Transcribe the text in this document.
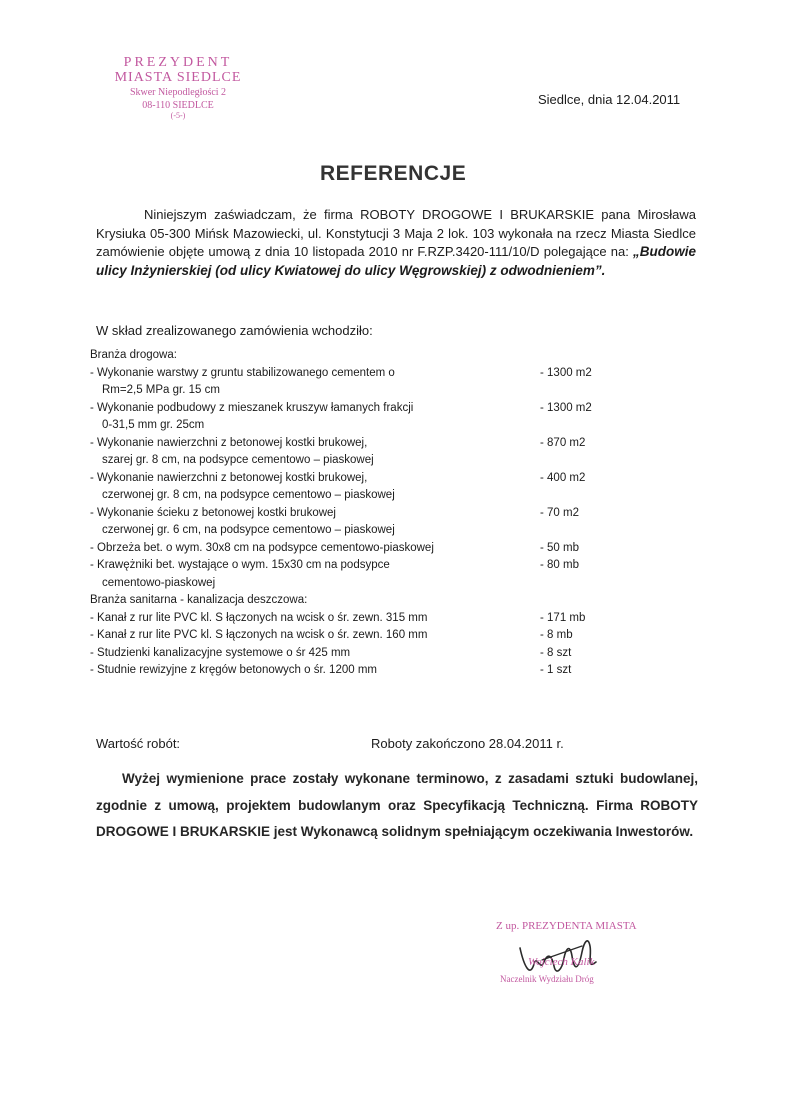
PREZYDENT
MIASTA SIEDLCE
Skwer Niepodległości 2
08-110 SIEDLCE
(-5-)
Siedlce, dnia 12.04.2011
REFERENCJE
Niniejszym zaświadczam, że firma ROBOTY DROGOWE I BRUKARSKIE pana Mirosława Krysiuka 05-300 Mińsk Mazowiecki, ul. Konstytucji 3 Maja 2 lok. 103 wykonała na rzecz Miasta Siedlce zamówienie objęte umową z dnia 10 listopada 2010 nr F.RZP.3420-111/10/D polegające na: „Budowie ulicy Inżynierskiej (od ulicy Kwiatowej do ulicy Węgrowskiej) z odwodnieniem”.
W skład zrealizowanego zamówienia wchodziło:
Branża drogowa:
- Wykonanie warstwy z gruntu stabilizowanego cementem o	- 1300 m2
Rm=2,5 MPa gr. 15 cm
- Wykonanie podbudowy z mieszanek kruszyw łamanych frakcji	- 1300 m2
0-31,5 mm gr. 25cm
- Wykonanie nawierzchni z betonowej kostki brukowej,	- 870 m2
szarej gr. 8 cm, na podsypce cementowo – piaskowej
- Wykonanie nawierzchni z betonowej kostki brukowej,	- 400 m2
czerwonej gr. 8 cm, na podsypce cementowo – piaskowej
- Wykonanie ścieku z betonowej kostki brukowej	- 70 m2
czerwonej gr. 6 cm, na podsypce cementowo – piaskowej
- Obrzeża bet. o wym. 30x8 cm na podsypce cementowo-piaskowej	- 50 mb
- Krawężniki bet. wystające o wym. 15x30 cm na podsypce	- 80 mb
cementowo-piaskowej
Branża sanitarna - kanalizacja deszczowa:
- Kanał z rur lite PVC kl. S łączonych na wcisk o śr. zewn. 315 mm	- 171 mb
- Kanał z rur lite PVC kl. S łączonych na wcisk o śr. zewn. 160 mm	- 8 mb
- Studzienki kanalizacyjne systemowe o śr 425 mm	- 8 szt
- Studnie rewizyjne z kręgów betonowych o śr. 1200 mm	- 1 szt
Wartość robót:	Roboty zakończono 28.04.2011 r.
Wyżej wymienione prace zostały wykonane terminowo, z zasadami sztuki budowlanej, zgodnie z umową, projektem budowlanym oraz Specyfikacją Techniczną. Firma ROBOTY DROGOWE I BRUKARSKIE jest Wykonawcą solidnym spełniającym oczekiwania Inwestorów.
Z up. PREZYDENTA MIASTA
Wojciech Kalik
Naczelnik Wydziału Dróg
